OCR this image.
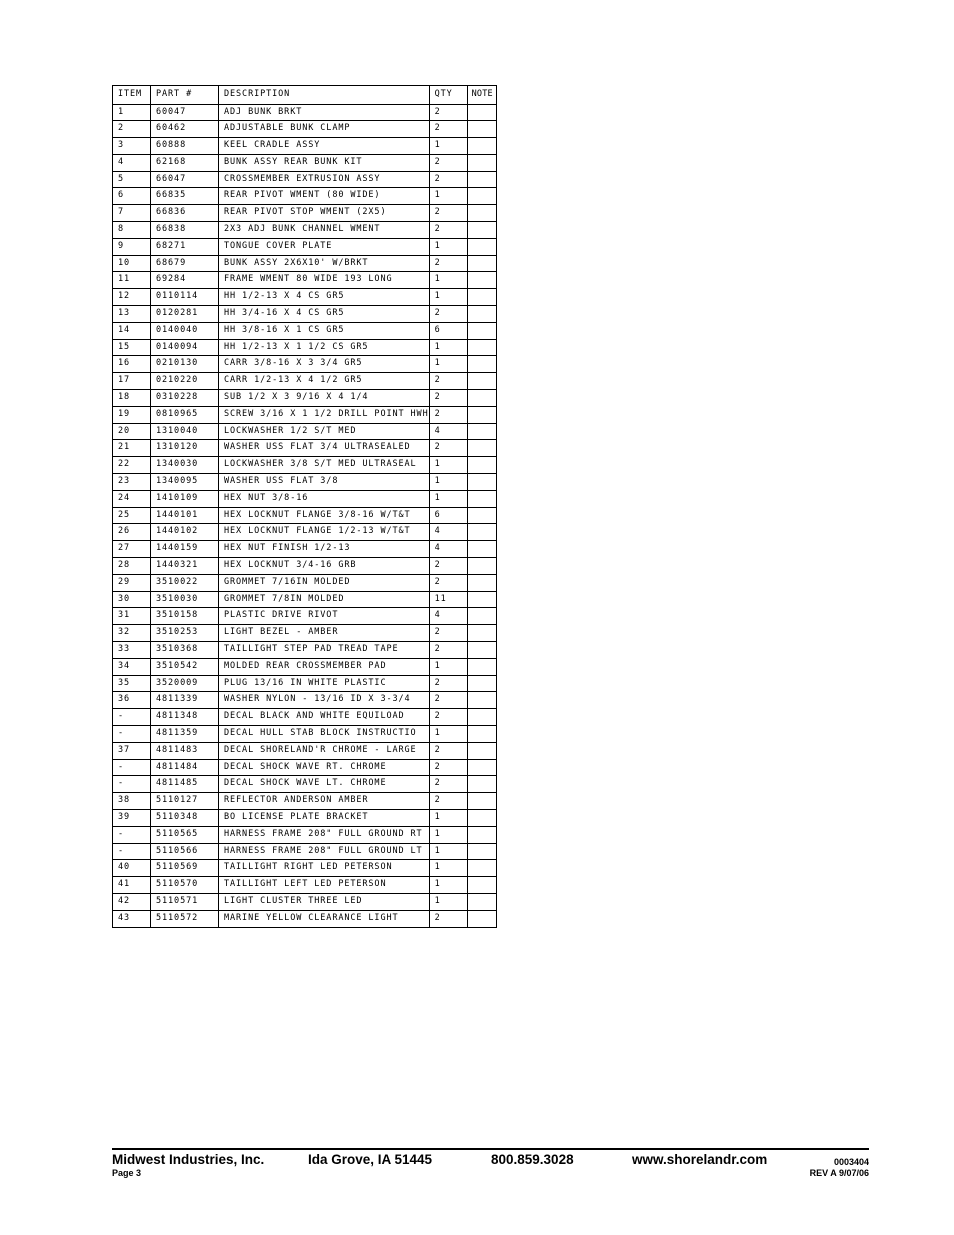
ITEM	PART #	DESCRIPTION	QTY	NOTE
1	60047	ADJ BUNK BRKT	2	
2	60462	ADJUSTABLE BUNK CLAMP	2	
3	60888	KEEL CRADLE ASSY	1	
4	62168	BUNK ASSY REAR BUNK KIT	2	
5	66047	CROSSMEMBER EXTRUSION ASSY	2	
6	66835	REAR PIVOT WMENT (80 WIDE)	1	
7	66836	REAR PIVOT STOP WMENT (2X5)	2	
8	66838	2X3 ADJ BUNK CHANNEL WMENT	2	
9	68271	TONGUE COVER PLATE	1	
10	68679	BUNK ASSY 2X6X10' W/BRKT	2	
11	69284	FRAME WMENT 80 WIDE 193 LONG	1	
12	0110114	HH 1/2-13 X 4 CS GR5	1	
13	0120281	HH 3/4-16 X 4 CS GR5	2	
14	0140040	HH 3/8-16 X 1 CS GR5	6	
15	0140094	HH 1/2-13 X 1 1/2 CS GR5	1	
16	0210130	CARR 3/8-16 X 3 3/4 GR5	1	
17	0210220	CARR 1/2-13 X 4 1/2 GR5	2	
18	0310228	SUB 1/2 X 3 9/16 X 4 1/4	2	
19	0810965	SCREW 3/16 X 1 1/2 DRILL POINT HWH	2	
20	1310040	LOCKWASHER 1/2 S/T MED	4	
21	1310120	WASHER USS FLAT 3/4 ULTRASEALED	2	
22	1340030	LOCKWASHER 3/8 S/T MED ULTRASEAL	1	
23	1340095	WASHER USS FLAT 3/8	1	
24	1410109	HEX NUT 3/8-16	1	
25	1440101	HEX LOCKNUT FLANGE 3/8-16 W/T&T	6	
26	1440102	HEX LOCKNUT FLANGE 1/2-13 W/T&T	4	
27	1440159	HEX NUT FINISH 1/2-13	4	
28	1440321	HEX LOCKNUT 3/4-16 GRB	2	
29	3510022	GROMMET 7/16IN MOLDED	2	
30	3510030	GROMMET 7/8IN MOLDED	11	
31	3510158	PLASTIC DRIVE RIVOT	4	
32	3510253	LIGHT BEZEL - AMBER	2	
33	3510368	TAILLIGHT STEP PAD TREAD TAPE	2	
34	3510542	MOLDED REAR CROSSMEMBER PAD	1	
35	3520009	PLUG 13/16 IN WHITE PLASTIC	2	
36	4811339	WASHER NYLON - 13/16 ID X 3-3/4	2	
-	4811348	DECAL BLACK AND WHITE EQUILOAD	2	
-	4811359	DECAL HULL STAB BLOCK INSTRUCTIO	1	
37	4811483	DECAL SHORELAND'R CHROME - LARGE	2	
-	4811484	DECAL SHOCK WAVE RT. CHROME	2	
-	4811485	DECAL SHOCK WAVE LT. CHROME	2	
38	5110127	REFLECTOR ANDERSON AMBER	2	
39	5110348	BO LICENSE PLATE BRACKET	1	
-	5110565	HARNESS FRAME 208" FULL GROUND RT	1	
-	5110566	HARNESS FRAME 208" FULL GROUND LT	1	
40	5110569	TAILLIGHT RIGHT LED PETERSON	1	
41	5110570	TAILLIGHT LEFT LED PETERSON	1	
42	5110571	LIGHT CLUSTER THREE LED	1	
43	5110572	MARINE YELLOW CLEARANCE LIGHT	2	
Midwest Industries, Inc.	Ida Grove, IA 51445	800.859.3028	www.shorelandr.com
Page 3
0003404
REV A 9/07/06
